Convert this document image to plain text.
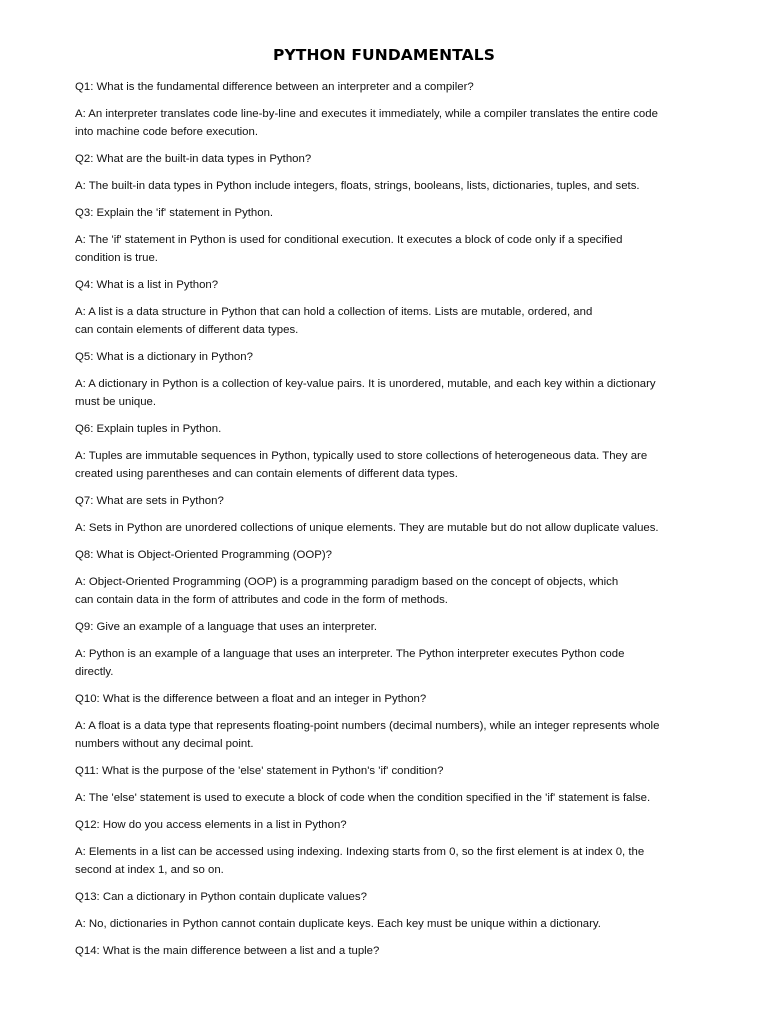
PYTHON FUNDAMENTALS

Q1: What is the fundamental difference between an interpreter and a compiler?

A: An interpreter translates code line-by-line and executes it immediately, while a compiler translates the entire code
into machine code before execution.

Q2: What are the built-in data types in Python?

A: The built-in data types in Python include integers, floats, strings, booleans, lists, dictionaries, tuples, and sets.

Q3: Explain the 'if' statement in Python.

A: The 'if' statement in Python is used for conditional execution. It executes a block of code only if a specified
condition is true.

Q4: What is a list in Python?

A: A list is a data structure in Python that can hold a collection of items. Lists are mutable, ordered, and
can contain elements of different data types.

Q5: What is a dictionary in Python?

A: A dictionary in Python is a collection of key-value pairs. It is unordered, mutable, and each key within a dictionary
must be unique.

Q6: Explain tuples in Python.

A: Tuples are immutable sequences in Python, typically used to store collections of heterogeneous data. They are
created using parentheses and can contain elements of different data types.

Q7: What are sets in Python?

A: Sets in Python are unordered collections of unique elements. They are mutable but do not allow duplicate values.

Q8: What is Object-Oriented Programming (OOP)?

A: Object-Oriented Programming (OOP) is a programming paradigm based on the concept of objects, which
can contain data in the form of attributes and code in the form of methods.

Q9: Give an example of a language that uses an interpreter.

A: Python is an example of a language that uses an interpreter. The Python interpreter executes Python code
directly.

Q10: What is the difference between a float and an integer in Python?

A: A float is a data type that represents floating-point numbers (decimal numbers), while an integer represents whole
numbers without any decimal point.

Q11: What is the purpose of the 'else' statement in Python's 'if' condition?

A: The 'else' statement is used to execute a block of code when the condition specified in the 'if' statement is false.

Q12: How do you access elements in a list in Python?

A: Elements in a list can be accessed using indexing. Indexing starts from 0, so the first element is at index 0, the
second at index 1, and so on.

Q13: Can a dictionary in Python contain duplicate values?

A: No, dictionaries in Python cannot contain duplicate keys. Each key must be unique within a dictionary.

Q14: What is the main difference between a list and a tuple?
